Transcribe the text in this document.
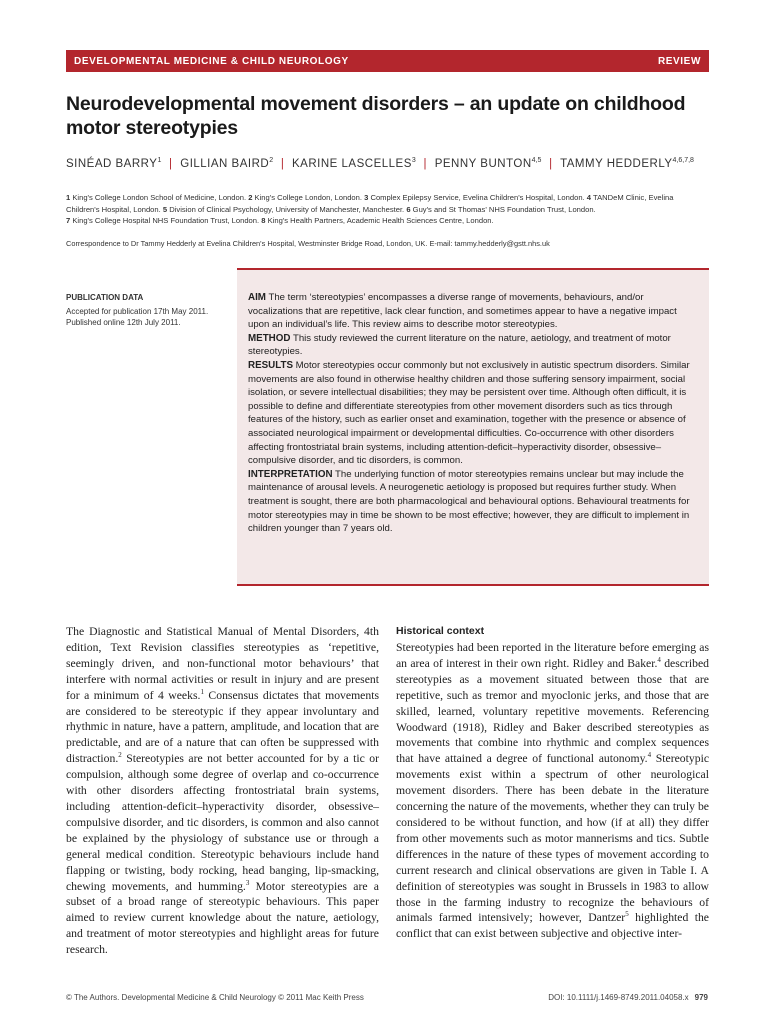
DEVELOPMENTAL MEDICINE & CHILD NEUROLOGY	REVIEW
Neurodevelopmental movement disorders – an update on childhood motor stereotypies
SINÉAD BARRY$^1$ | GILLIAN BAIRD$^2$ | KARINE LASCELLES$^3$ | PENNY BUNTON$^{4,5}$ | TAMMY HEDDERLY$^{4,6,7,8}$
1 King's College London School of Medicine, London. 2 King's College London, London. 3 Complex Epilepsy Service, Evelina Children's Hospital, London. 4 TANDeM Clinic, Evelina Children's Hospital, London. 5 Division of Clinical Psychology, University of Manchester, Manchester. 6 Guy's and St Thomas' NHS Foundation Trust, London.
7 King's College Hospital NHS Foundation Trust, London. 8 King's Health Partners, Academic Health Sciences Centre, London.
Correspondence to Dr Tammy Hedderly at Evelina Children's Hospital, Westminster Bridge Road, London, UK. E-mail: tammy.hedderly@gstt.nhs.uk
PUBLICATION DATA
Accepted for publication 17th May 2011.
Published online 12th July 2011.

AIM The term ‘stereotypies’ encompasses a diverse range of movements, behaviours, and/or vocalizations that are repetitive, lack clear function, and sometimes appear to have a negative impact upon an individual’s life. This review aims to describe motor stereotypies.

METHOD This study reviewed the current literature on the nature, aetiology, and treatment of motor stereotypies.

RESULTS Motor stereotypies occur commonly but not exclusively in autistic spectrum disorders. Similar movements are also found in otherwise healthy children and those suffering sensory impairment, social isolation, or severe intellectual disabilities; they may be persistent over time. Although often difficult, it is possible to define and differentiate stereotypies from other movement disorders such as tics through features of the history, such as earlier onset and examination, together with the presence or absence of associated neurological impairment or developmental difficulties. Co-occurrence with other disorders affecting frontostriatal brain systems, including attention-deficit–hyperactivity disorder, obsessive–compulsive disorder, and tic disorders, is common.

INTERPRETATION The underlying function of motor stereotypies remains unclear but may include the maintenance of arousal levels. A neurogenetic aetiology is proposed but requires further study. When treatment is sought, there are both pharmacological and behavioural options. Behavioural treatments for motor stereotypies may in time be shown to be most effective; however, they are difficult to implement in children younger than 7 years old.

The Diagnostic and Statistical Manual of Mental Disorders, 4th edition, Text Revision classifies stereotypies as ‘repetitive, seemingly driven, and non-functional motor behaviours’ that interfere with normal activities or result in injury and are present for a minimum of 4 weeks.$^1$ Consensus dictates that movements are considered to be stereotypic if they appear involuntary and rhythmic in nature, have a pattern, amplitude, and location that are predictable, and are of a nature that can often be suppressed with distraction.$^2$ Stereotypies are not better accounted for by a tic or compulsion, although some degree of overlap and co-occurrence with other disorders affecting frontostriatal brain systems, including attention-deficit–hyperactivity disorder, obsessive–compulsive disorder, and tic disorders, is common and also cannot be explained by the physiology of substance use or through a general medical condition. Stereotypic behaviours include hand flapping or twisting, body rocking, head banging, lip-smacking, chewing movements, and humming.$^3$ Motor stereotypies are a subset of a broad range of stereotypic behaviours. This paper aimed to review current knowledge about the nature, aetiology, and treatment of motor stereotypies and highlight areas for future research.
Historical context
Stereotypies had been reported in the literature before emerging as an area of interest in their own right. Ridley and Baker.$^4$ described stereotypies as a movement situated between those that are repetitive, such as tremor and myoclonic jerks, and those that are skilled, learned, voluntary repetitive movements. Referencing Woodward (1918), Ridley and Baker described stereotypies as movements that combine into rhythmic and complex sequences that have attained a degree of functional autonomy.$^4$ Stereotypic movements exist within a spectrum of other neurological movement disorders. There has been debate in the literature concerning the nature of the movements, whether they can truly be considered to be without function, and how (if at all) they differ from other movements such as motor mannerisms and tics. Subtle differences in the nature of these types of movement according to current research and clinical observations are given in Table I. A definition of stereotypies was sought in Brussels in 1983 to allow those in the farming industry to recognize the behaviours of animals farmed intensively; however, Dantzer$^5$ highlighted the conflict that can exist between subjective and objective inter-
© The Authors. Developmental Medicine & Child Neurology © 2011 Mac Keith Press	DOI: 10.1111/j.1469-8749.2011.04058.x 979
